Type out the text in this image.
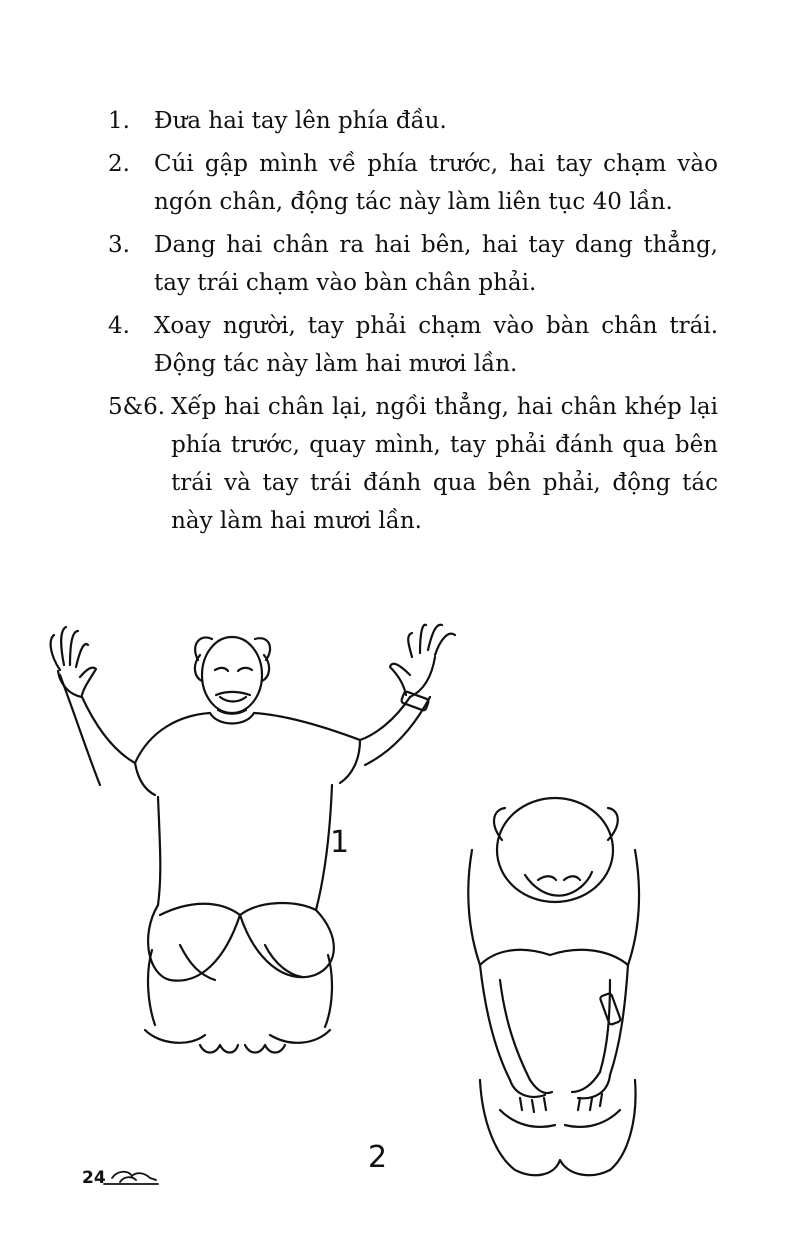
1.	Đưa hai tay lên phía đầu.
2.	Cúi gập mình về phía trước, hai tay chạm vào ngón chân, động tác này làm liên tục 40 lần.
3.	Dang hai chân ra hai bên, hai tay dang thẳng, tay trái chạm vào bàn chân phải.
4.	Xoay người, tay phải chạm vào bàn chân trái. Động tác này làm hai mươi lần.
5&6. Xếp hai chân lại, ngồi thẳng, hai chân khép lại phía trước, quay mình, tay phải đánh qua bên trái và tay trái đánh qua bên phải, động tác này làm hai mươi lần.
1
2
24
